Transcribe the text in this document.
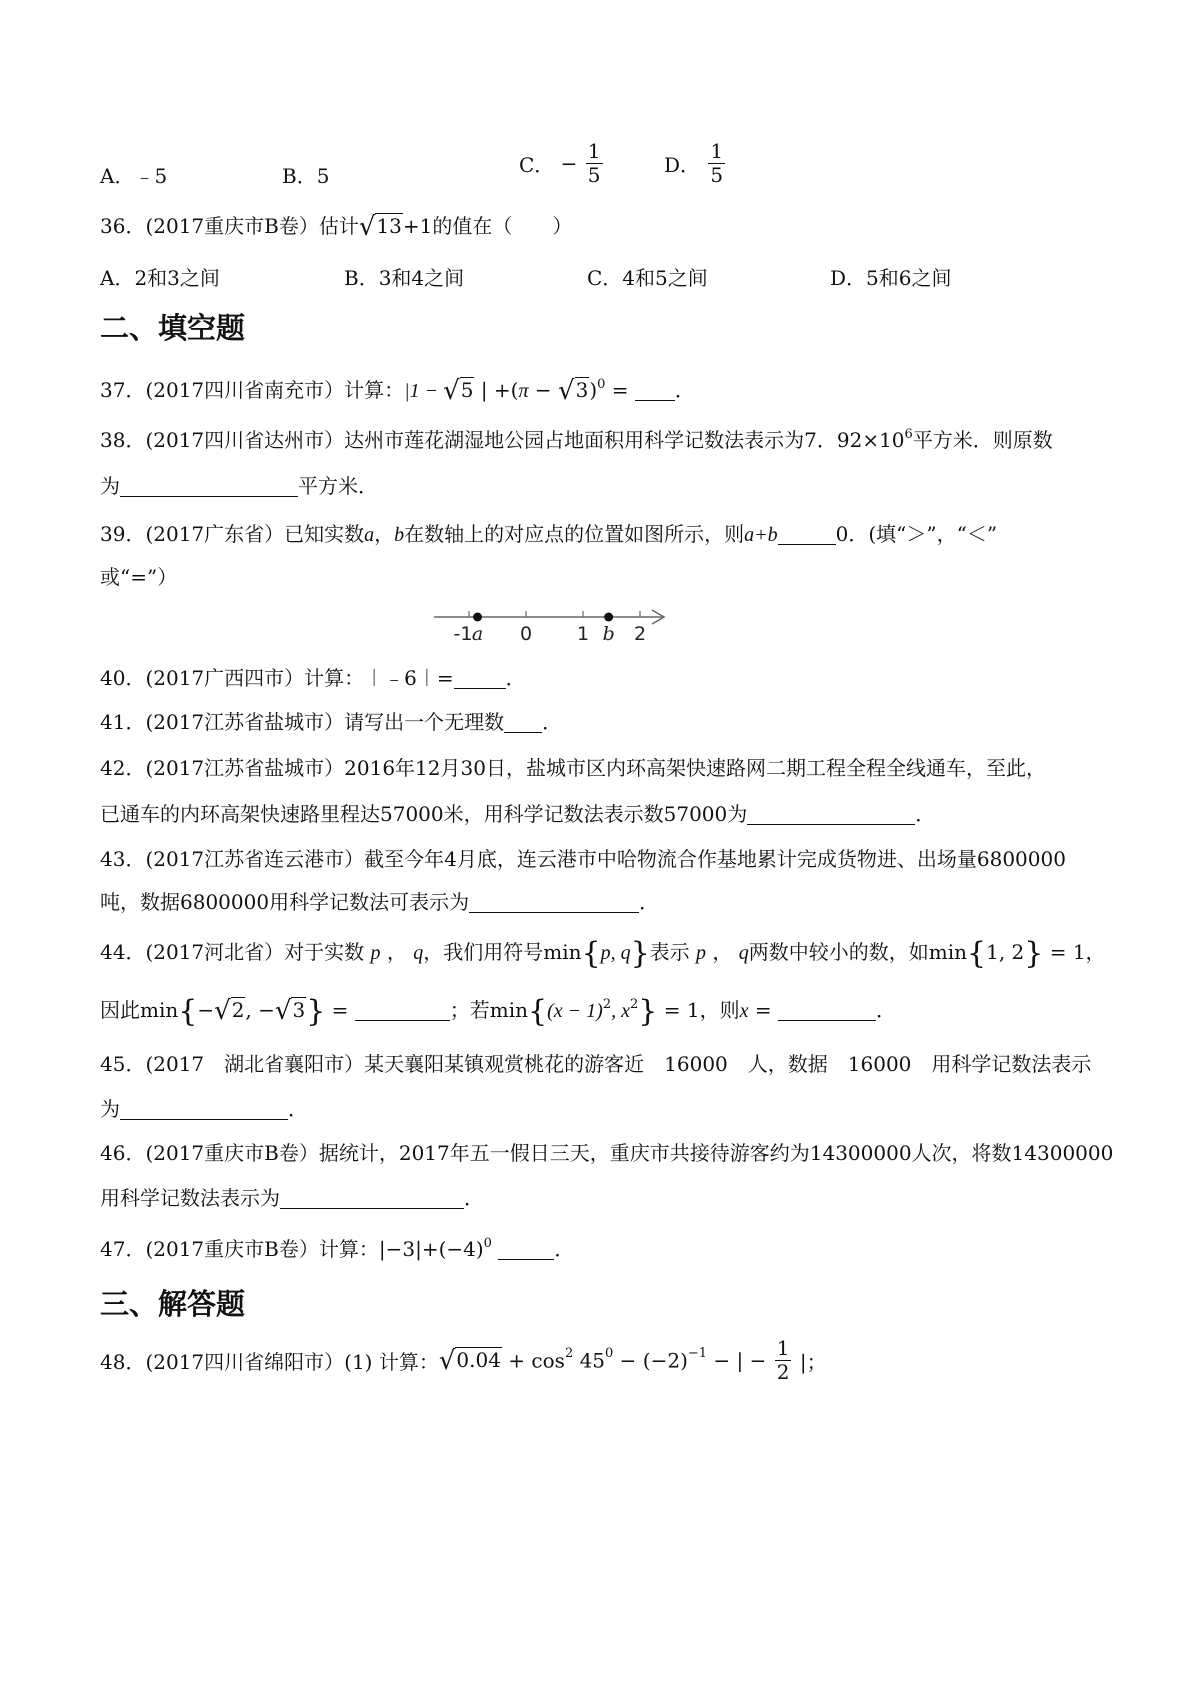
A．﹣5	B．5	C． − $\frac{1}{5}$	D． $\frac{1}{5}$
36．(2017重庆市B卷）估计√13+1的值在（　　）
A．2和3之间	B．3和4之间	C．4和5之间	D．5和6之间
二、填空题
37．(2017四川省南充市）计算：|1 − √5 | $+(\pi - √3)^0$ = ．
38．(2017四川省达州市）达州市莲花湖湿地公园占地面积用科学记数法表示为7．$92\times 10^6$平方米．则原数
为	平方米．
39．(2017广东省）已知实数a，b在数轴上的对应点的位置如图所示，则a+b	0．(填“＞”，“＜”
或“=”）
-1 0 1 2
a	b
40．(2017广西四市）计算：︱﹣6︱=	．
41．(2017江苏省盐城市）请写出一个无理数 ．
42．(2017江苏省盐城市）2016年12月30日，盐城市区内环高架快速路网二期工程全程全线通车，至此，
已通车的内环高架快速路里程达57000米，用科学记数法表示数57000为	．
43．(2017江苏省连云港市）截至今年4月底，连云港市中哈物流合作基地累计完成货物进、出场量6800000
吨，数据6800000用科学记数法可表示为	．
44．(2017河北省）对于实数 p ， q，我们用符号min{p, q}表示 p ， q两数中较小的数，如min{1, 2} = 1，
因此min{−√2, −√3} =	；若$\min\{(x - 1)^2$, $x^2\} = 1$，则x =	．
45．(2017　湖北省襄阳市）某天襄阳某镇观赏桃花的游客近　16000　人，数据　16000　用科学记数法表示
为	．
46．(2017重庆市B卷）据统计，2017年五一假日三天，重庆市共接待游客约为14300000人次，将数14300000
用科学记数法表示为	．
47．(2017重庆市B卷）计算：$|-3|+(-4)^0$	．
三、解答题
48．(2017四川省绵阳市）(1) 计算：$√0.04 + \cos^2 45^0 - (-2)^{-1}$ − | − $\frac{1}{2}$ |；
